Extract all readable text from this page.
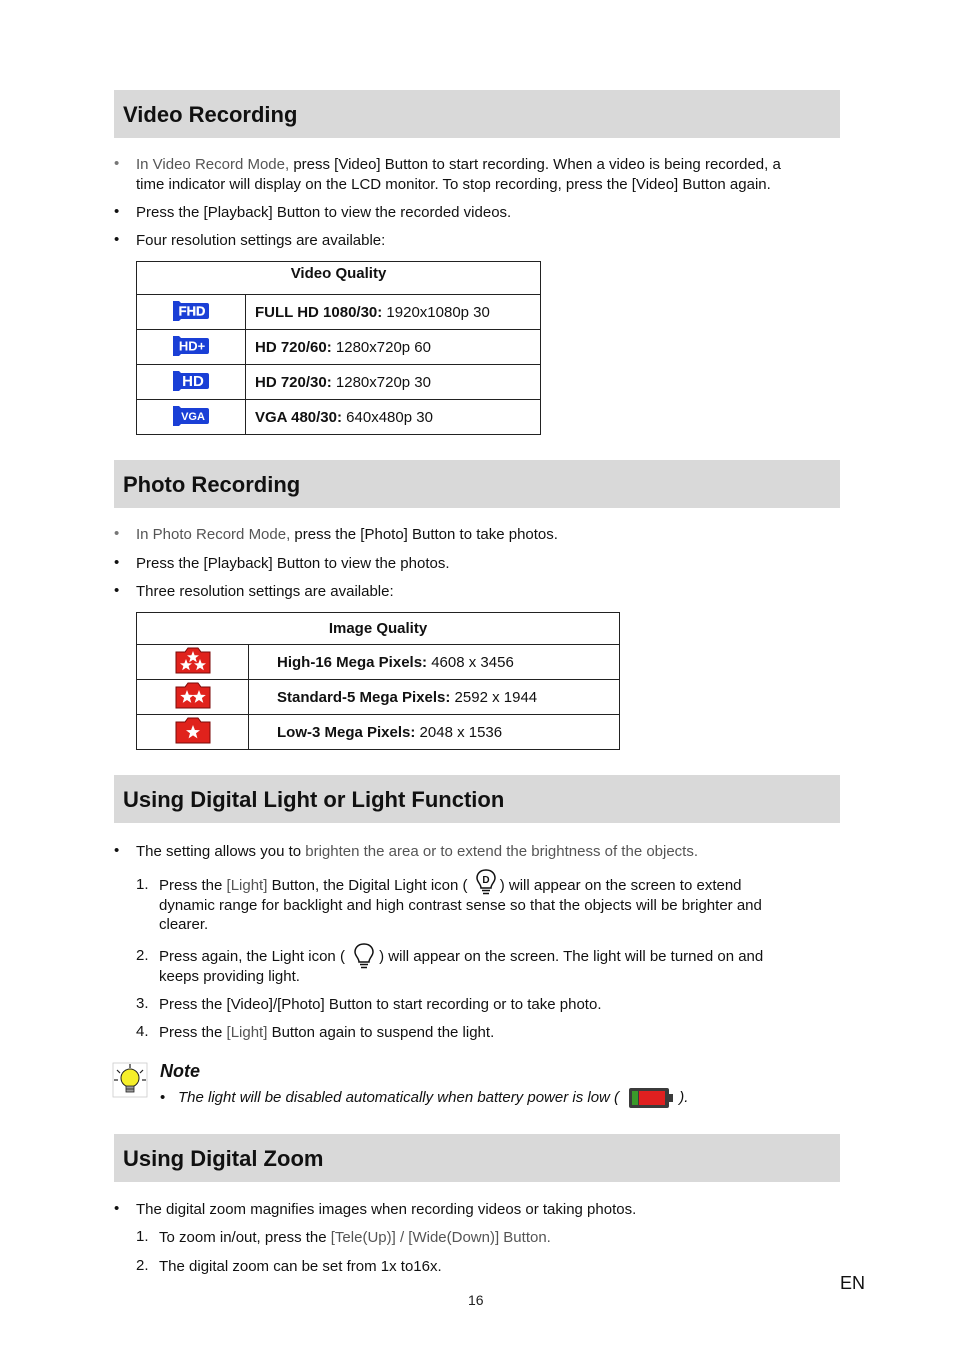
Video Recording
• In Video Record Mode, press [Video] Button to start recording. When a video is being recorded, a
time indicator will display on the LCD monitor. To stop recording, press the [Video] Button again.
• Press the [Playback] Button to view the recorded videos.
• Four resolution settings are available:
Video Quality	

FHD	FULL HD 1080/30: 1920x1080p 30

HD+	HD 720/60: 1280x720p 60

HD	HD 720/30: 1280x720p 30

VGA	VGA 480/30: 640x480p 30
Photo Recording
• In Photo Record Mode, press the [Photo] Button to take photos.
• Press the [Playback] Button to view the photos.
• Three resolution settings are available:
Image Quality	
	High-16 Mega Pixels: 4608 x 3456
	Standard-5 Mega Pixels: 2592 x 1944
	Low-3 Mega Pixels: 2048 x 1536
Using Digital Light or Light Function
• The setting allows you to brighten the area or to extend the brightness of the objects.
1. Press the [Light] Button, the Digital Light icon ( D ) will appear on the screen to extend
dynamic range for backlight and high contrast sense so that the objects will be brighter and
clearer.
2. Press again, the Light icon ( ) will appear on the screen. The light will be turned on and
keeps providing light.
3. Press the [Video]/[Photo] Button to start recording or to take photo.
4. Press the [Light] Button again to suspend the light.
Note
• The light will be disabled automatically when battery power is low (	).
Using Digital Zoom
• The digital zoom magnifies images when recording videos or taking photos.
1. To zoom in/out, press the [Tele(Up)] / [Wide(Down)] Button.
2. The digital zoom can be set from 1x to16x.
16
EN
